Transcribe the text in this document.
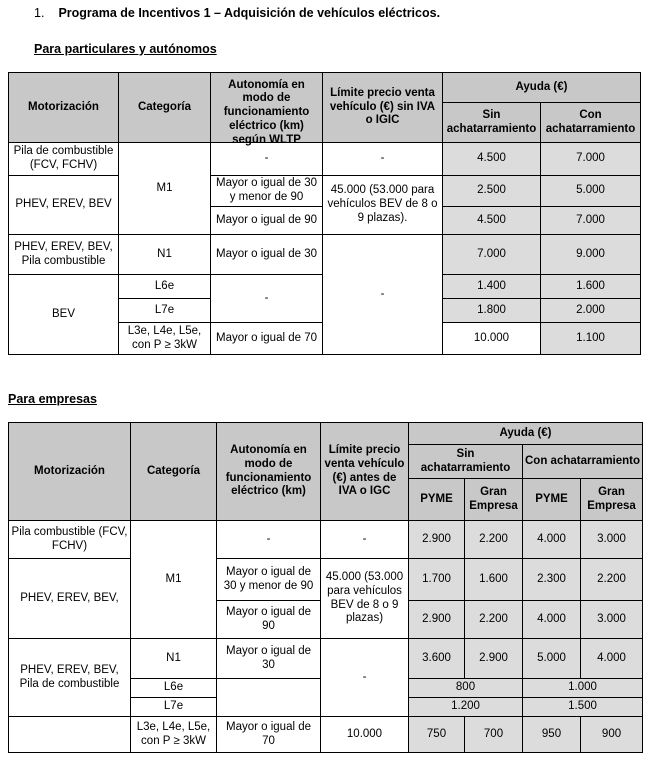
1. Programa de Incentivos 1 – Adquisición de vehículos eléctricos.
Para particulares y autónomos
Motorización	Categoría	Autonomía en modo de funcionamiento eléctrico (km) según WLTP	Límite precio venta vehículo (€) sin IVA o IGIC	Ayuda (€)		
				Sin achatarramiento	Con achatarramiento	
Pila de combustible (FCV, FCHV)	M1	-	-	4.500	7.000	
PHEV, EREV, BEV		Mayor o igual de 30 y menor de 90	45.000 (53.000 para vehículos BEV de 8 o 9 plazas).	2.500	5.000	
		Mayor o igual de 90		4.500	7.000	
PHEV, EREV, BEV, Pila combustible	N1	Mayor o igual de 30	-	7.000	9.000	
BEV	L6e	-		1.400	1.600	
	L7e			1.800	2.000	
	L3e, L4e, L5e, con P ≥ 3kW	Mayor o igual de 70		10.000	1.100	
Para empresas
Motorización	Categoría	Autonomía en modo de funcionamiento eléctrico (km)	Límite precio venta vehículo (€) antes de IVA o IGC	Ayuda (€)			
				Sin achatarramiento		Con achatarramiento	
				PYME	Gran Empresa	PYME	Gran Empresa
Pila combustible (FCV, FCHV)	M1	-	-	2.900	2.200	4.000	3.000
PHEV, EREV, BEV,		Mayor o igual de 30 y menor de 90	45.000 (53.000 para vehículos BEV de 8 o 9 plazas)	1.700	1.600	2.300	2.200
		Mayor o igual de 90		2.900	2.200	4.000	3.000
PHEV, EREV, BEV, Pila de combustible	N1	Mayor o igual de 30	-	3.600	2.900	5.000	4.000
	L6e			800		1.000	
	L7e			1.200		1.500	
	L3e, L4e, L5e, con P ≥ 3kW	Mayor o igual de 70	10.000	750	700	950	900
